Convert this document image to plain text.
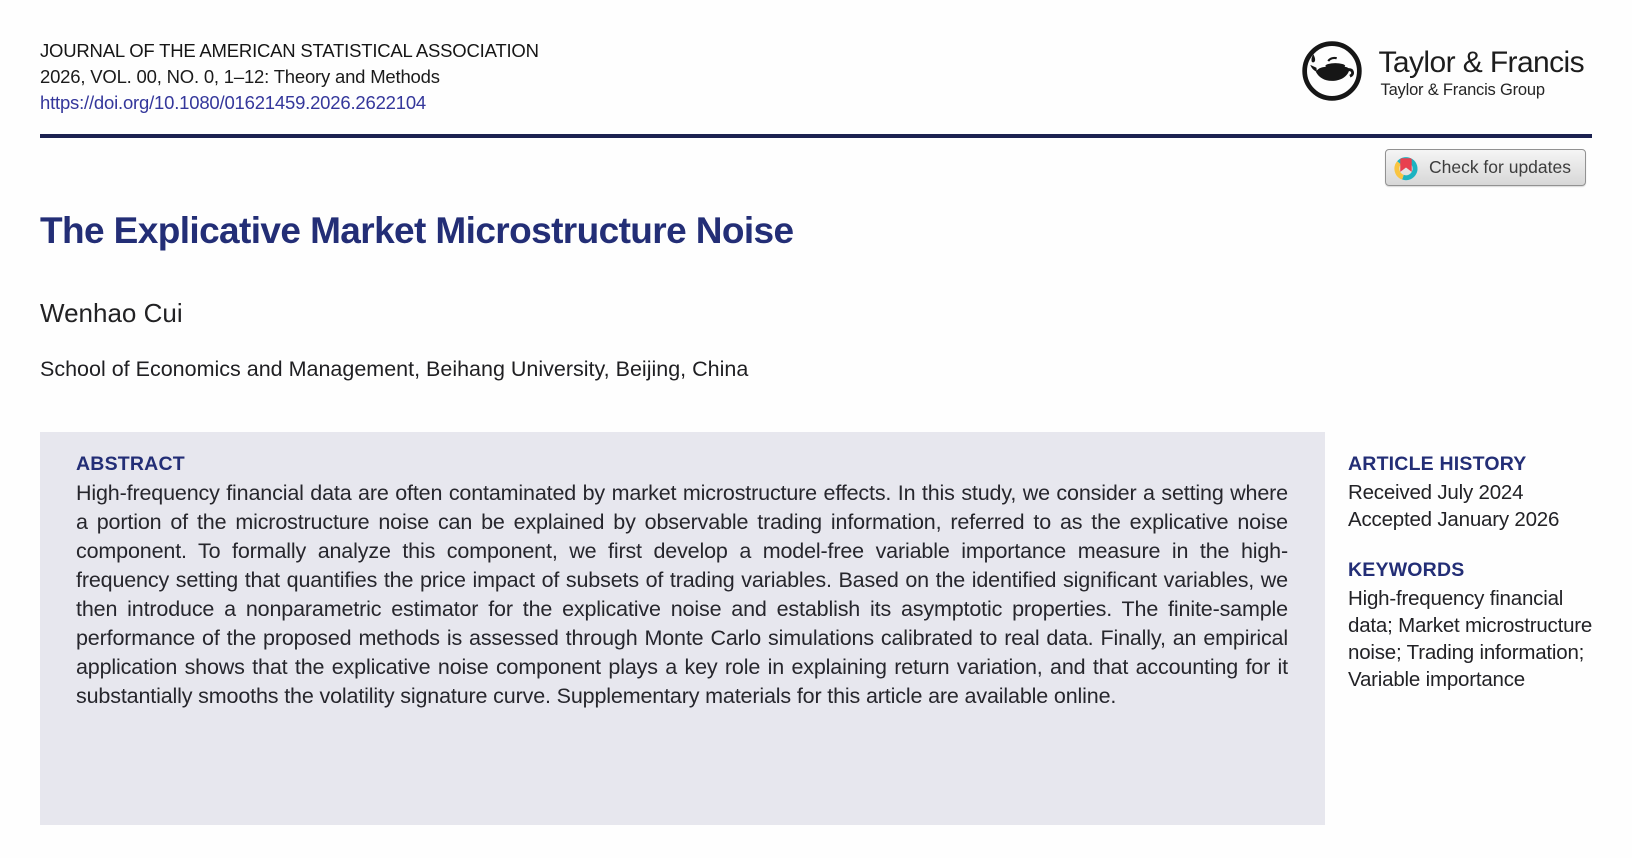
JOURNAL OF THE AMERICAN STATISTICAL ASSOCIATION
2026, VOL. 00, NO. 0, 1–12: Theory and Methods
https://doi.org/10.1080/01621459.2026.2622104
Taylor & Francis
Taylor & Francis Group
Check for updates
The Explicative Market Microstructure Noise
Wenhao Cui
School of Economics and Management, Beihang University, Beijing, China
ABSTRACT
High-frequency financial data are often contaminated by market microstructure effects. In this study, we consider a setting where a portion of the microstructure noise can be explained by observable trading information, referred to as the explicative noise component. To formally analyze this component, we first develop a model-free variable importance measure in the high-frequency setting that quantifies the price impact of subsets of trading variables. Based on the identified significant variables, we then introduce a nonparametric estimator for the explicative noise and establish its asymptotic properties. The finite-sample performance of the proposed methods is assessed through Monte Carlo simulations calibrated to real data. Finally, an empirical application shows that the explicative noise component plays a key role in explaining return variation, and that accounting for it substantially smooths the volatility signature curve. Supplementary materials for this article are available online.
ARTICLE HISTORY
Received July 2024
Accepted January 2026
KEYWORDS
High-frequency financial data; Market microstructure noise; Trading information; Variable importance
